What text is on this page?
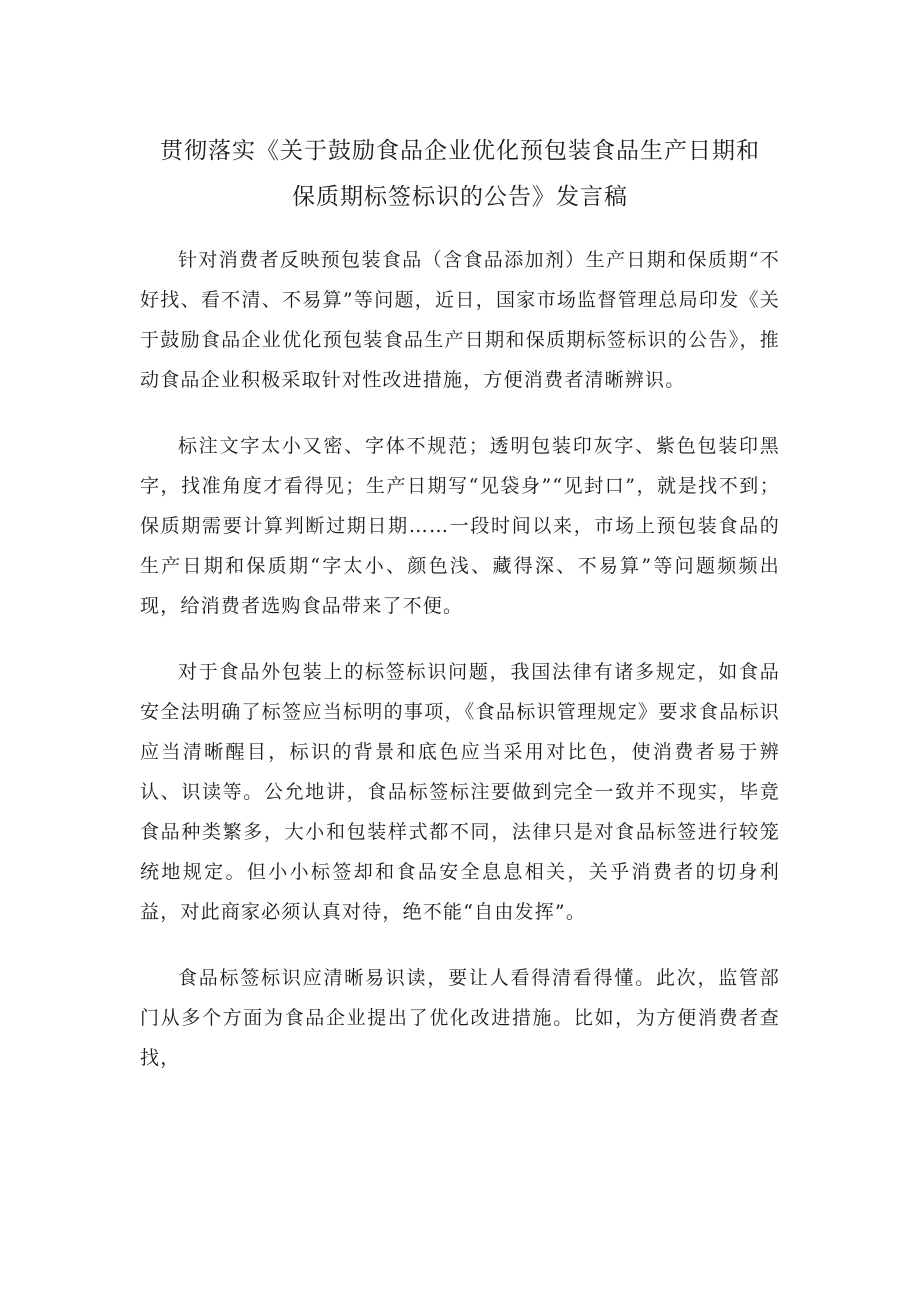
贯彻落实《关于鼓励食品企业优化预包装食品生产日期和
保质期标签标识的公告》发言稿

针对消费者反映预包装食品（含食品添加剂）生产日期和保质期“不好找、看不清、不易算”等问题，近日，国家市场监督管理总局印发《关于鼓励食品企业优化预包装食品生产日期和保质期标签标识的公告》，推动食品企业积极采取针对性改进措施，方便消费者清晰辨识。

标注文字太小又密、字体不规范；透明包装印灰字、紫色包装印黑字，找准角度才看得见；生产日期写“见袋身”“见封口”，就是找不到；保质期需要计算判断过期日期……一段时间以来，市场上预包装食品的生产日期和保质期“字太小、颜色浅、藏得深、不易算”等问题频频出现，给消费者选购食品带来了不便。

对于食品外包装上的标签标识问题，我国法律有诸多规定，如食品安全法明确了标签应当标明的事项，《食品标识管理规定》要求食品标识应当清晰醒目，标识的背景和底色应当采用对比色，使消费者易于辨认、识读等。公允地讲，食品标签标注要做到完全一致并不现实，毕竟食品种类繁多，大小和包装样式都不同，法律只是对食品标签进行较笼统地规定。但小小标签却和食品安全息息相关，关乎消费者的切身利益，对此商家必须认真对待，绝不能“自由发挥”。

食品标签标识应清晰易识读，要让人看得清看得懂。此次，监管部门从多个方面为食品企业提出了优化改进措施。比如，为方便消费者查找，
